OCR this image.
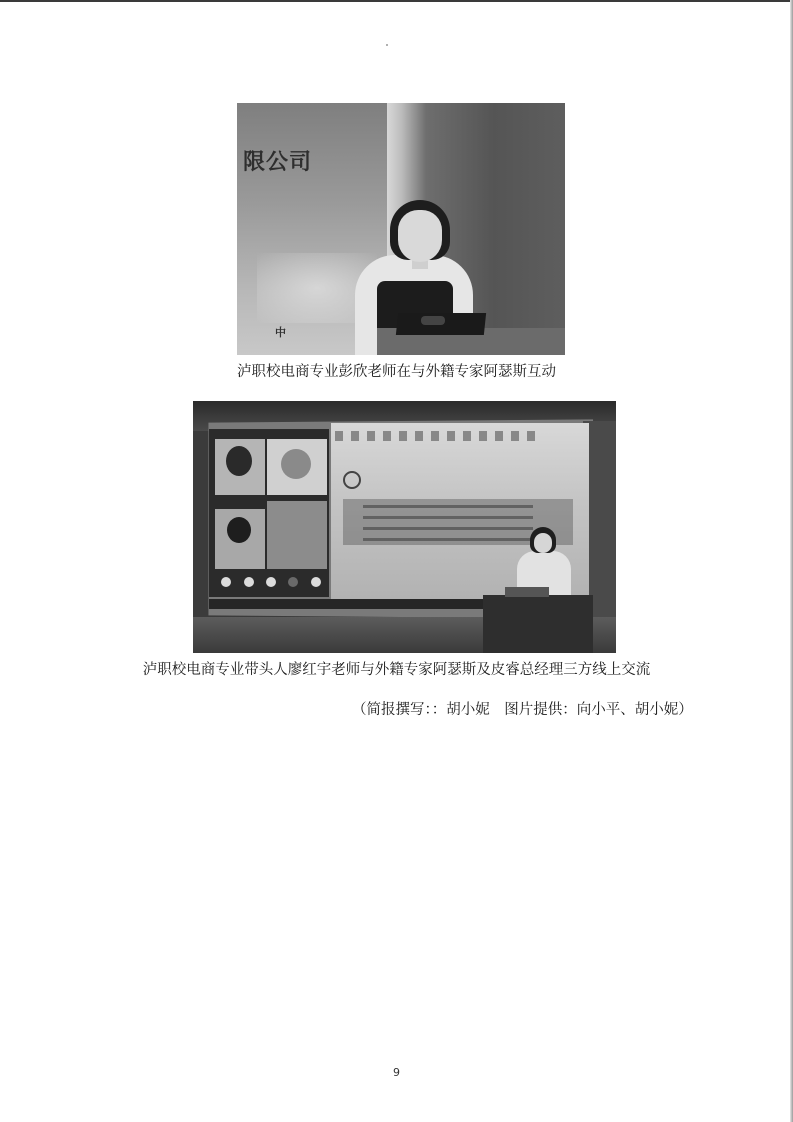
限公司
中
泸职校电商专业彭欣老师在与外籍专家阿瑟斯互动
泸职校电商专业带头人廖红宇老师与外籍专家阿瑟斯及皮睿总经理三方线上交流
（简报撰写：：胡小妮　图片提供：向小平、胡小妮）
9
